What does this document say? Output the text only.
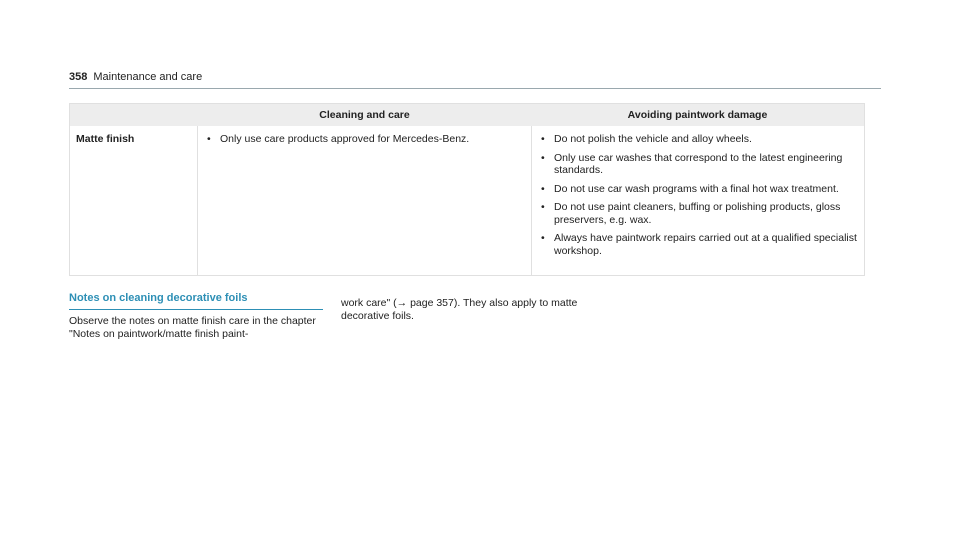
358 Maintenance and care
Cleaning and care	Avoiding paintwork damage
Matte finish	• Only use care products approved for Mercedes-Benz.	• Do not polish the vehicle and alloy wheels.
• Only use car washes that correspond to the latest engineering standards.
• Do not use car wash programs with a final hot wax treatment.
• Do not use paint cleaners, buffing or polishing products, gloss preservers, e.g. wax.
• Always have paintwork repairs carried out at a qualified specialist workshop.
Notes on cleaning decorative foils

Observe the notes on matte finish care in the chapter "Notes on paintwork/matte finish paint-

work care" (→ page 357). They also apply to matte decorative foils.
